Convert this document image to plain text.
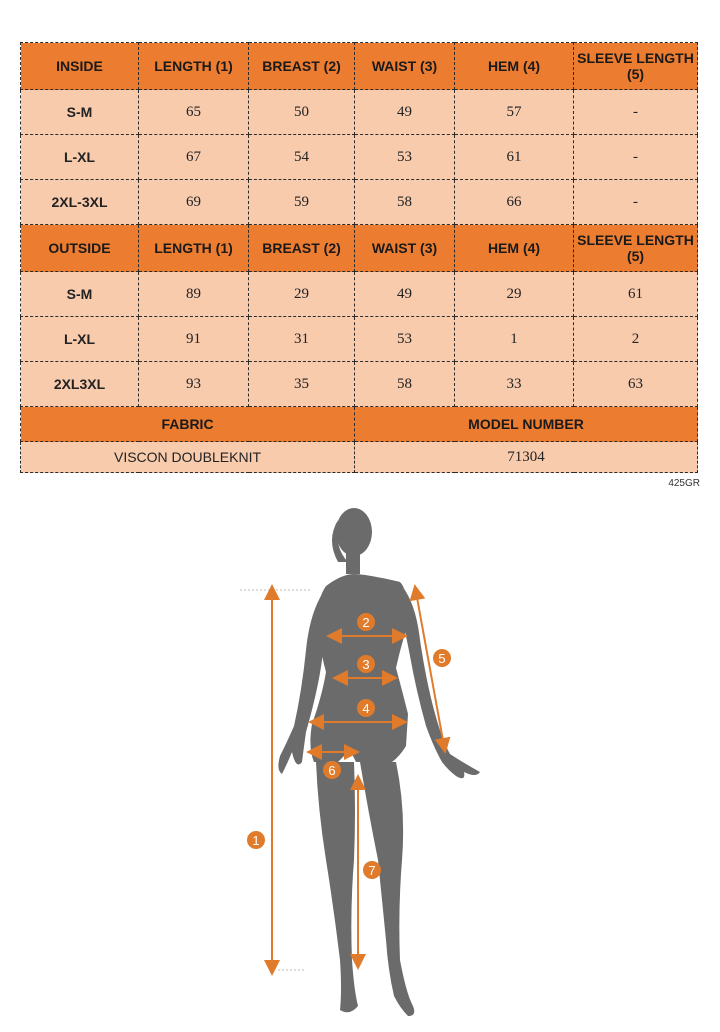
INSIDE	LENGTH (1)	BREAST (2)	WAIST (3)	HEM (4)	SLEEVE LENGTH (5)
S-M	65	50	49	57	-
L-XL	67	54	53	61	-
2XL-3XL	69	59	58	66	-
OUTSIDE	LENGTH (1)	BREAST (2)	WAIST (3)	HEM (4)	SLEEVE LENGTH (5)
S-M	89	29	49	29	61
L-XL	91	31	53	1	2
2XL3XL	93	35	58	33	63
FABRIC			MODEL NUMBER		
VISCON DOUBLEKNIT			71304		
425GR
1
2
3
4
5
6
7
